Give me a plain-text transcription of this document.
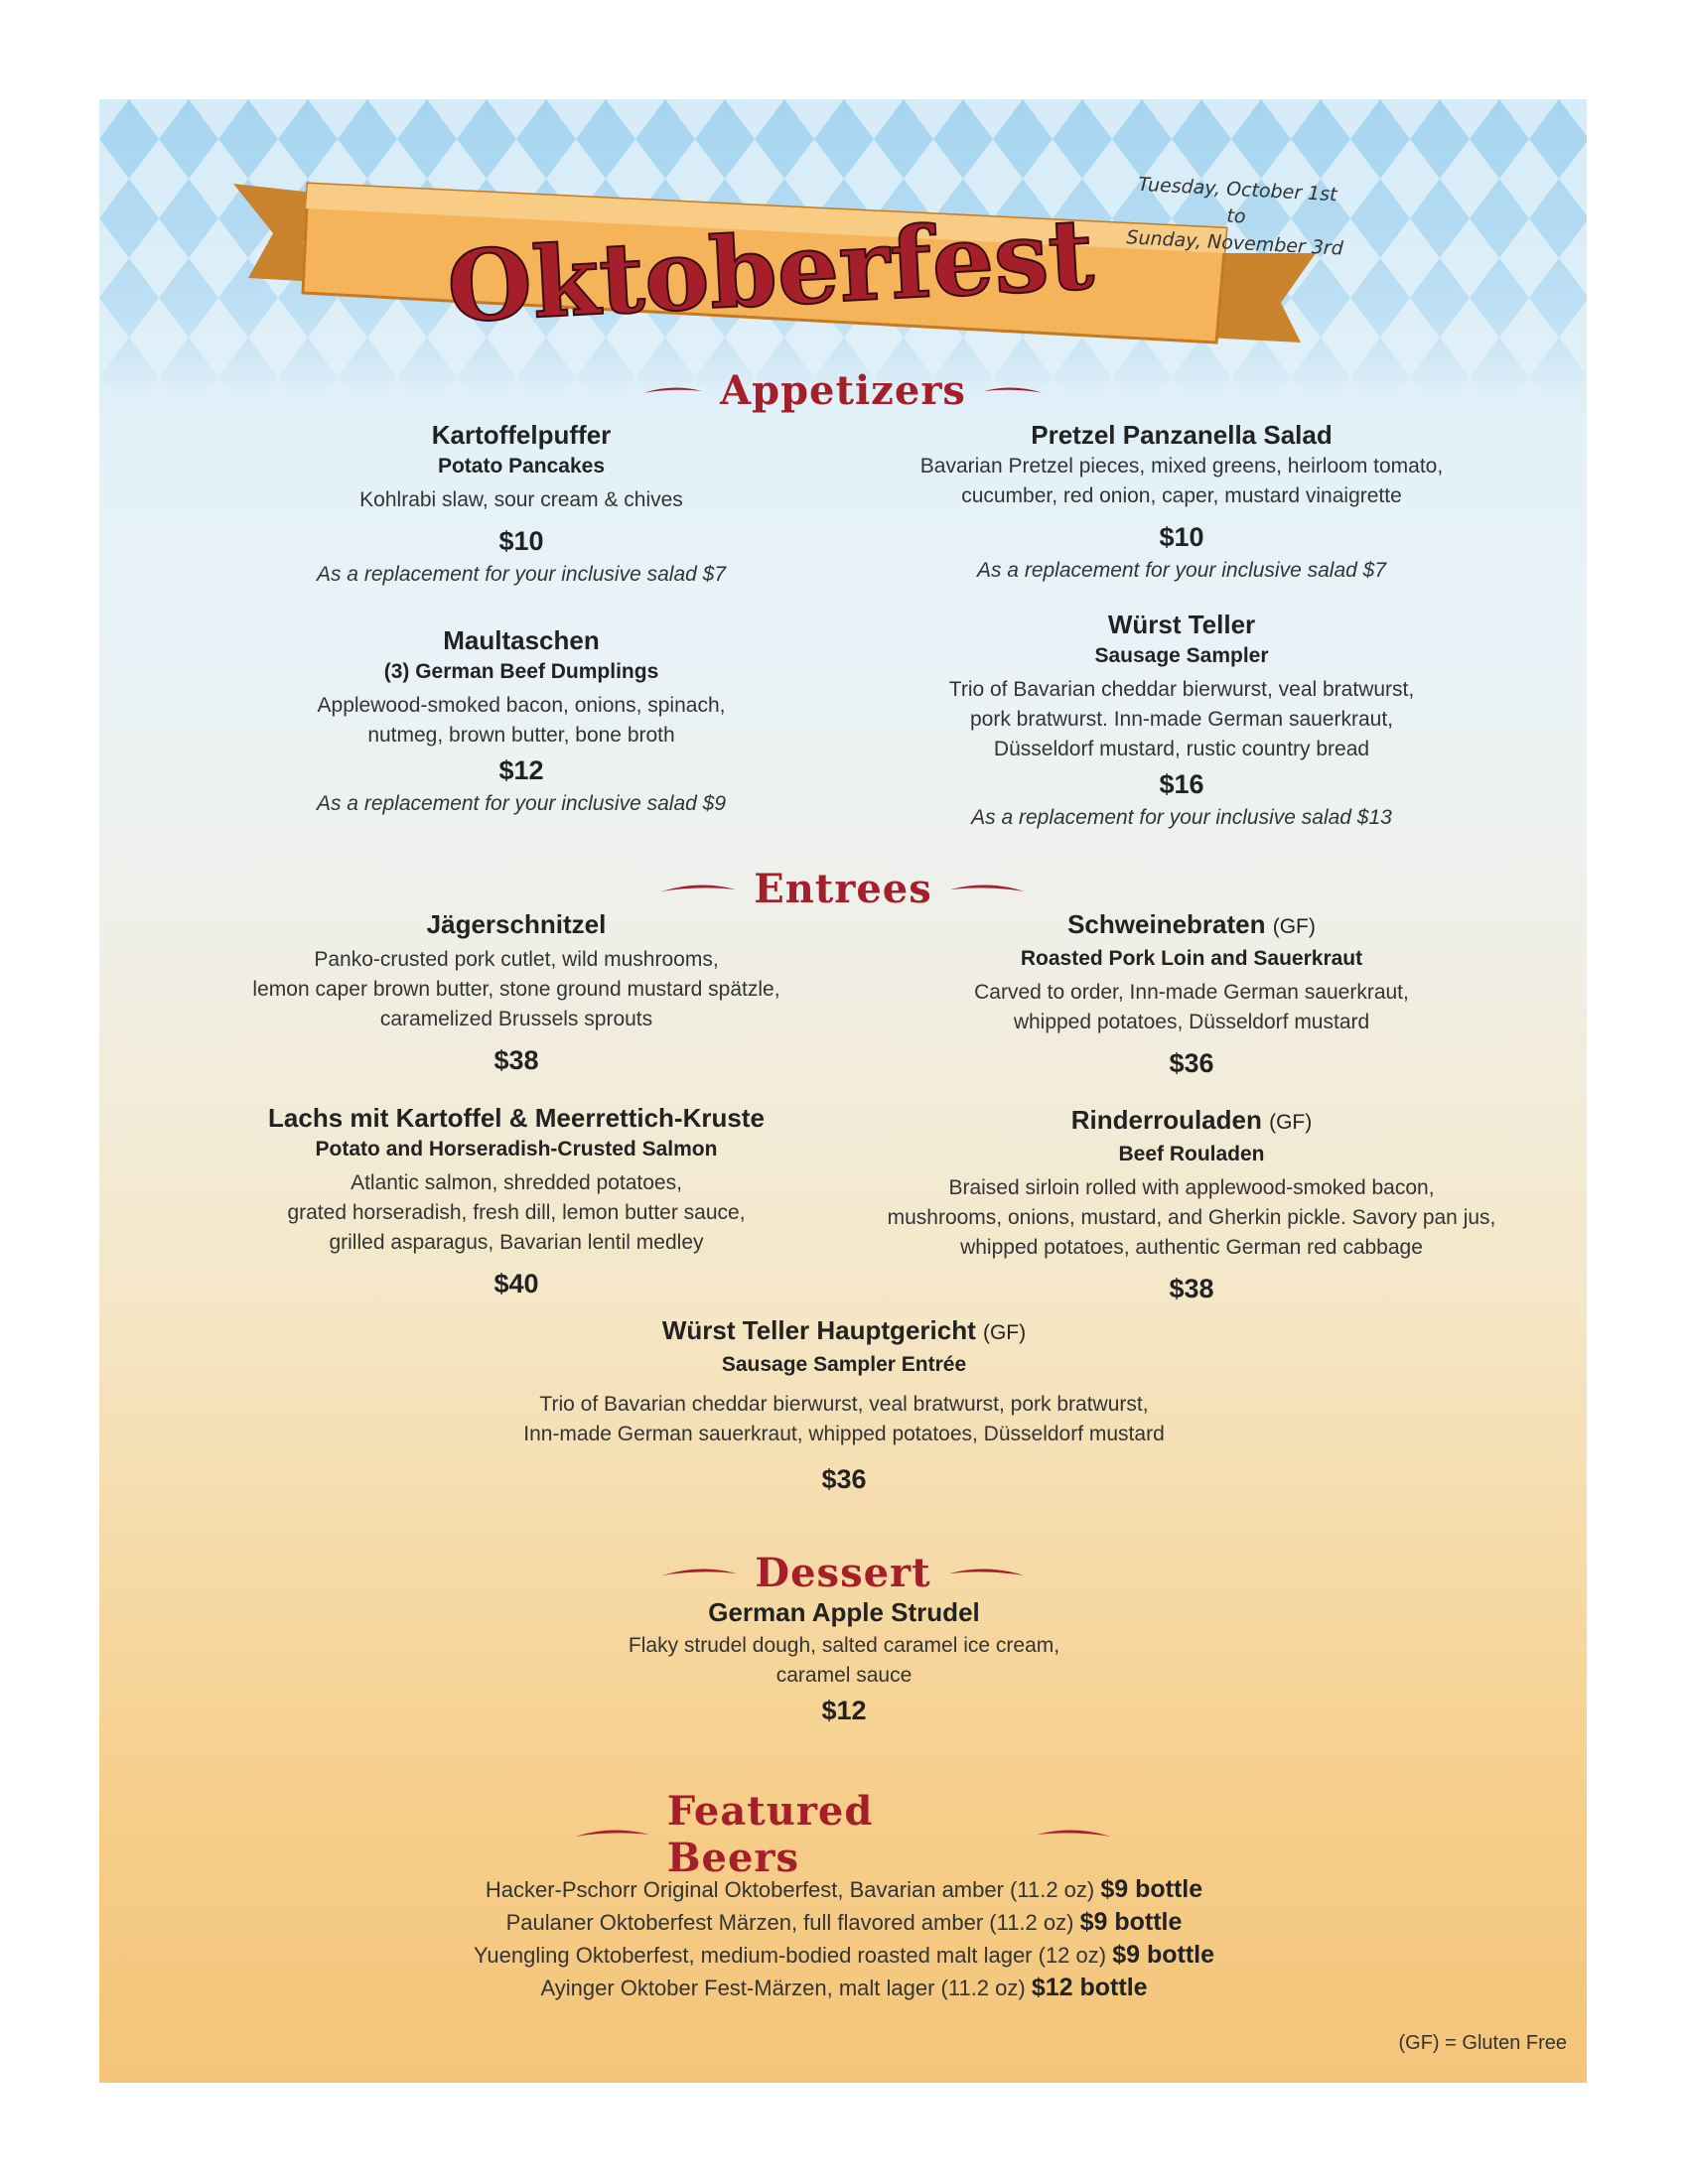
Oktoberfest
Tuesday, October 1st
to
Sunday, November 3rd
Appetizers
Kartoffelpuffer
Potato Pancakes
Kohlrabi slaw, sour cream & chives
$10
As a replacement for your inclusive salad $7
Pretzel Panzanella Salad
Bavarian Pretzel pieces, mixed greens, heirloom tomato,
cucumber, red onion, caper, mustard vinaigrette
$10
As a replacement for your inclusive salad $7
Maultaschen
(3) German Beef Dumplings
Applewood-smoked bacon, onions, spinach,
nutmeg, brown butter, bone broth
$12
As a replacement for your inclusive salad $9
Würst Teller
Sausage Sampler
Trio of Bavarian cheddar bierwurst, veal bratwurst,
pork bratwurst. Inn-made German sauerkraut,
Düsseldorf mustard, rustic country bread
$16
As a replacement for your inclusive salad $13
Entrees
Jägerschnitzel
Panko-crusted pork cutlet, wild mushrooms,
lemon caper brown butter, stone ground mustard spätzle,
caramelized Brussels sprouts
$38
Schweinebraten (GF)
Roasted Pork Loin and Sauerkraut
Carved to order, Inn-made German sauerkraut,
whipped potatoes, Düsseldorf mustard
$36
Lachs mit Kartoffel & Meerrettich-Kruste
Potato and Horseradish-Crusted Salmon
Atlantic salmon, shredded potatoes,
grated horseradish, fresh dill, lemon butter sauce,
grilled asparagus, Bavarian lentil medley
$40
Rinderrouladen (GF)
Beef Rouladen
Braised sirloin rolled with applewood-smoked bacon,
mushrooms, onions, mustard, and Gherkin pickle. Savory pan jus,
whipped potatoes, authentic German red cabbage
$38
Würst Teller Hauptgericht (GF)
Sausage Sampler Entrée
Trio of Bavarian cheddar bierwurst, veal bratwurst, pork bratwurst,
Inn-made German sauerkraut, whipped potatoes, Düsseldorf mustard
$36
Dessert
German Apple Strudel
Flaky strudel dough, salted caramel ice cream,
caramel sauce
$12
Featured Beers
Hacker-Pschorr Original Oktoberfest, Bavarian amber (11.2 oz) $9 bottle
Paulaner Oktoberfest Märzen, full flavored amber (11.2 oz) $9 bottle
Yuengling Oktoberfest, medium-bodied roasted malt lager (12 oz) $9 bottle
Ayinger Oktober Fest-Märzen, malt lager (11.2 oz) $12 bottle
(GF) = Gluten Free
